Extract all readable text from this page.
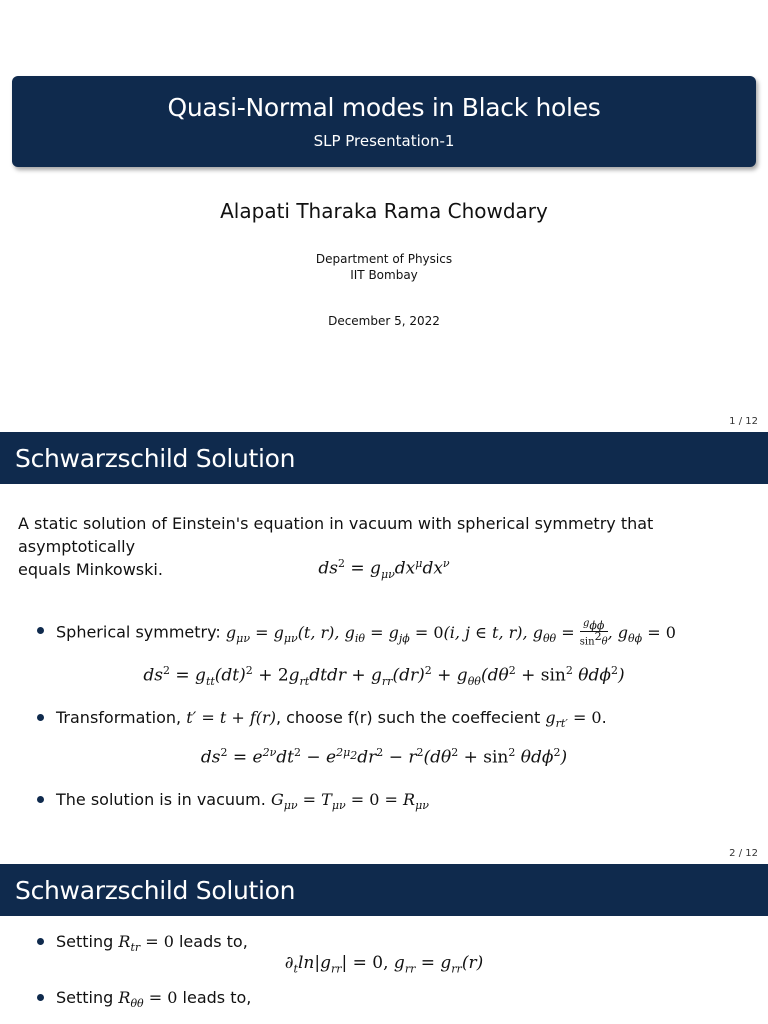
Quasi-Normal modes in Black holes
SLP Presentation-1
Alapati Tharaka Rama Chowdary
Department of Physics
IIT Bombay
December 5, 2022
1 / 12
Schwarzschild Solution
A static solution of Einstein's equation in vacuum with spherical symmetry that asymptotically
equals Minkowski.	$ds^2 = g_{\mu\nu}dx^\mu dx^\nu$
Spherical symmetry: $g_{\mu\nu} = g_{\mu\nu}(t$, r), $g_{i\theta} = g_{j\phi} = 0(i$, j ∈ t, r), $g_{\theta\theta} = g_{\phi\phi}$
$\sin^2\theta$, $g_{\theta\phi} = 0$
$ds^2 = g_{tt}(dt)^2$ + $2g_{rt}dtdr + g_{rr}(dr)^2 + g_{\theta\theta}(d\theta^2 + \sin^2 \theta d\phi^2)$
Transformation, t′ = t + f(r), choose f(r) such the coeffecient $g_{rt'} = 0$.
$ds^2 = e^{2\nu}dt^2 - e^{2\mu_2}dr^2 - r^2(d\theta^2 + \sin^2 \theta d\phi^2)$
The solution is in vacuum. $G_{\mu\nu} = T_{\mu\nu} = 0 = R_{\mu\nu}$
2 / 12
Schwarzschild Solution
Setting $R_{tr} = 0$ leads to,
$\partial_t\ln|g_{rr}| = 0$, $g_{rr} = g_{rr}(r)$
Setting $R_{\theta\theta} = 0$ leads to,
